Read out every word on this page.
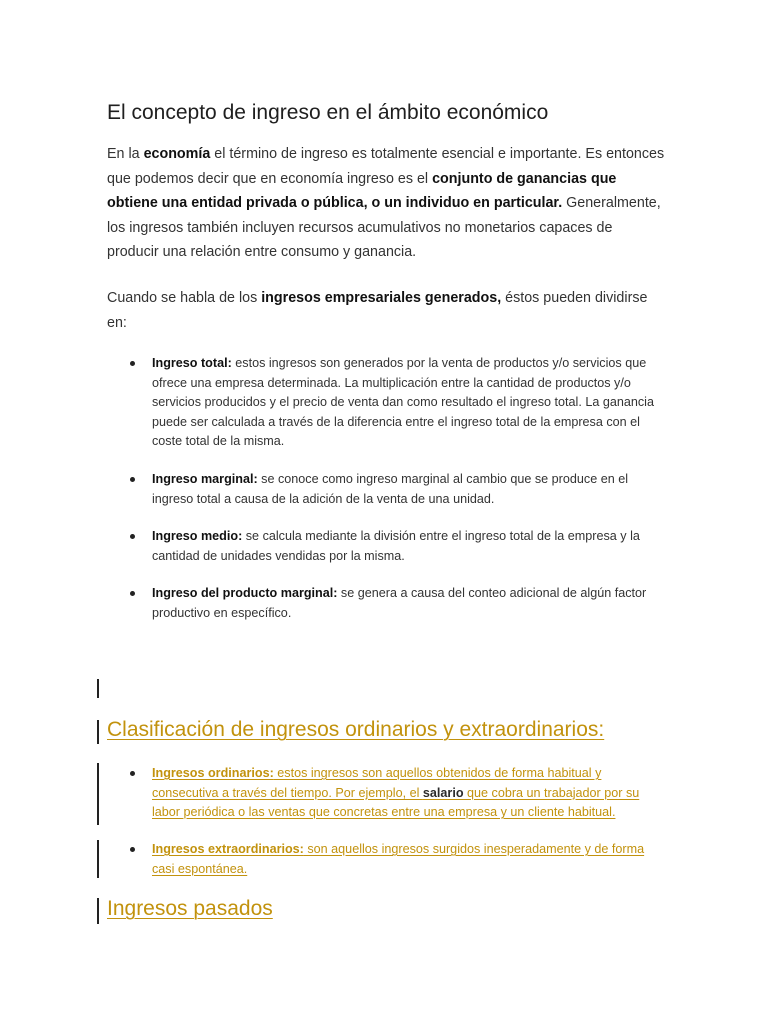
El concepto de ingreso en el ámbito económico
En la economía el término de ingreso es totalmente esencial e importante. Es entonces que podemos decir que en economía ingreso es el conjunto de ganancias que obtiene una entidad privada o pública, o un individuo en particular. Generalmente, los ingresos también incluyen recursos acumulativos no monetarios capaces de producir una relación entre consumo y ganancia.
Cuando se habla de los ingresos empresariales generados, éstos pueden dividirse en:
Ingreso total: estos ingresos son generados por la venta de productos y/o servicios que ofrece una empresa determinada. La multiplicación entre la cantidad de productos y/o servicios producidos y el precio de venta dan como resultado el ingreso total. La ganancia puede ser calculada a través de la diferencia entre el ingreso total de la empresa con el coste total de la misma.
Ingreso marginal: se conoce como ingreso marginal al cambio que se produce en el ingreso total a causa de la adición de la venta de una unidad.
Ingreso medio: se calcula mediante la división entre el ingreso total de la empresa y la cantidad de unidades vendidas por la misma.
Ingreso del producto marginal: se genera a causa del conteo adicional de algún factor productivo en específico.
Clasificación de ingresos ordinarios y extraordinarios:
Ingresos ordinarios: estos ingresos son aquellos obtenidos de forma habitual y consecutiva a través del tiempo. Por ejemplo, el salario que cobra un trabajador por su labor periódica o las ventas que concretas entre una empresa y un cliente habitual.
Ingresos extraordinarios: son aquellos ingresos surgidos inesperadamente y de forma casi espontánea.
Ingresos pasados
